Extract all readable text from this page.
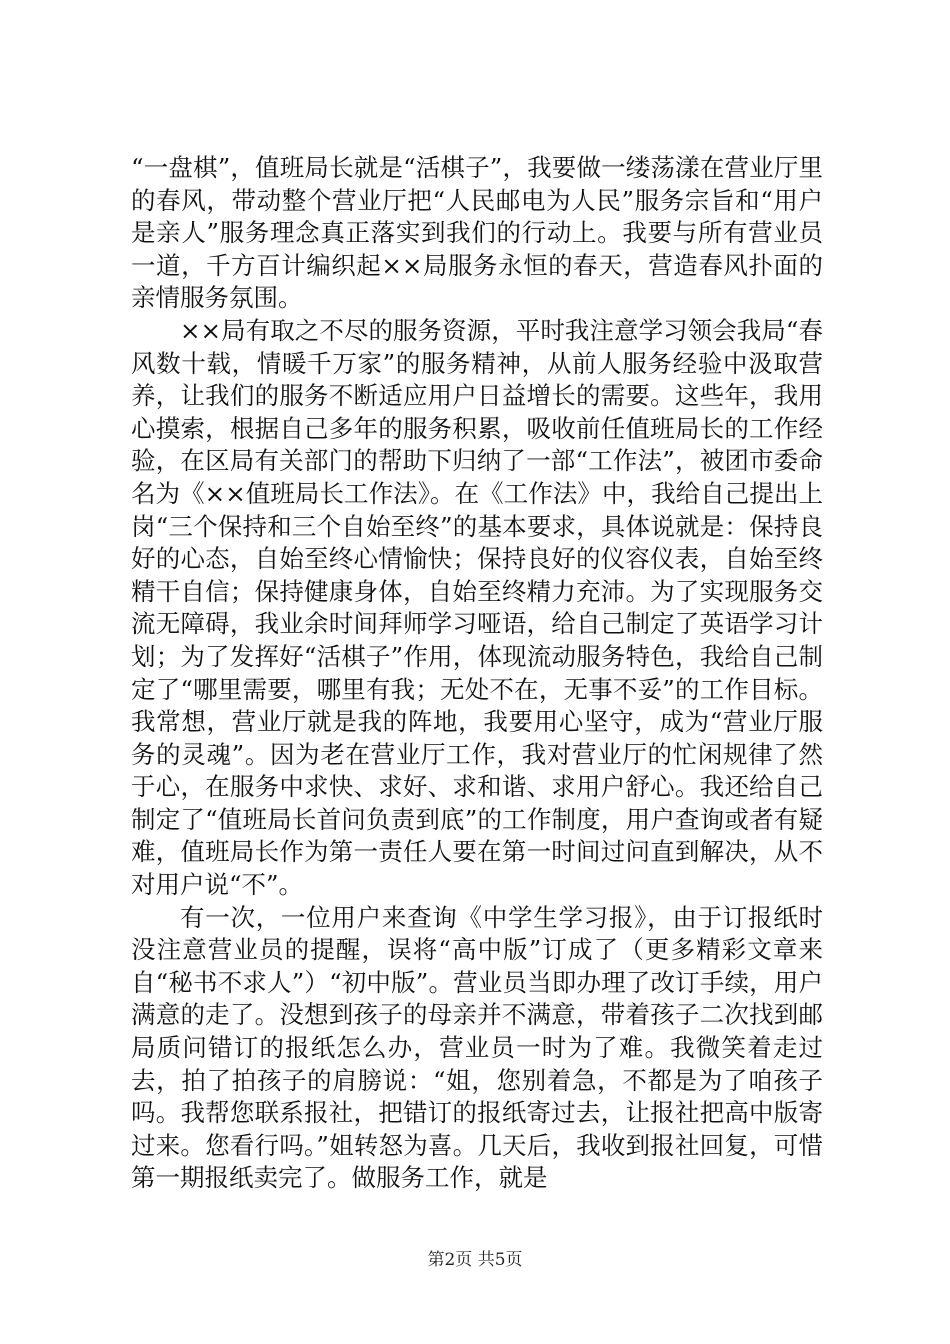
“一盘棋”，值班局长就是“活棋子”，我要做一缕荡漾在营业厅里的春风，带动整个营业厅把“人民邮电为人民”服务宗旨和“用户是亲人”服务理念真正落实到我们的行动上。我要与所有营业员一道，千方百计编织起××局服务永恒的春天，营造春风扑面的亲情服务氛围。

××局有取之不尽的服务资源，平时我注意学习领会我局“春风数十载，情暖千万家”的服务精神，从前人服务经验中汲取营养，让我们的服务不断适应用户日益增长的需要。这些年，我用心摸索，根据自己多年的服务积累，吸收前任值班局长的工作经验，在区局有关部门的帮助下归纳了一部“工作法”，被团市委命名为《××值班局长工作法》。在《工作法》中，我给自己提出上岗“三个保持和三个自始至终”的基本要求，具体说就是：保持良好的心态，自始至终心情愉快；保持良好的仪容仪表，自始至终精干自信；保持健康身体，自始至终精力充沛。为了实现服务交流无障碍，我业余时间拜师学习哑语，给自己制定了英语学习计划；为了发挥好“活棋子”作用，体现流动服务特色，我给自己制定了“哪里需要，哪里有我；无处不在，无事不妥”的工作目标。我常想，营业厅就是我的阵地，我要用心坚守，成为“营业厅服务的灵魂”。因为老在营业厅工作，我对营业厅的忙闲规律了然于心，在服务中求快、求好、求和谐、求用户舒心。我还给自己制定了“值班局长首问负责到底”的工作制度，用户查询或者有疑难，值班局长作为第一责任人要在第一时间过问直到解决，从不对用户说“不”。

有一次，一位用户来查询《中学生学习报》，由于订报纸时没注意营业员的提醒，误将“高中版”订成了（更多精彩文章来自“秘书不求人”）“初中版”。营业员当即办理了改订手续，用户满意的走了。没想到孩子的母亲并不满意，带着孩子二次找到邮局质问错订的报纸怎么办，营业员一时为了难。我微笑着走过去，拍了拍孩子的肩膀说：“姐，您别着急，不都是为了咱孩子吗。我帮您联系报社，把错订的报纸寄过去，让报社把高中版寄过来。您看行吗。”姐转怒为喜。几天后，我收到报社回复，可惜第一期报纸卖完了。做服务工作，就是

第2页 共5页
